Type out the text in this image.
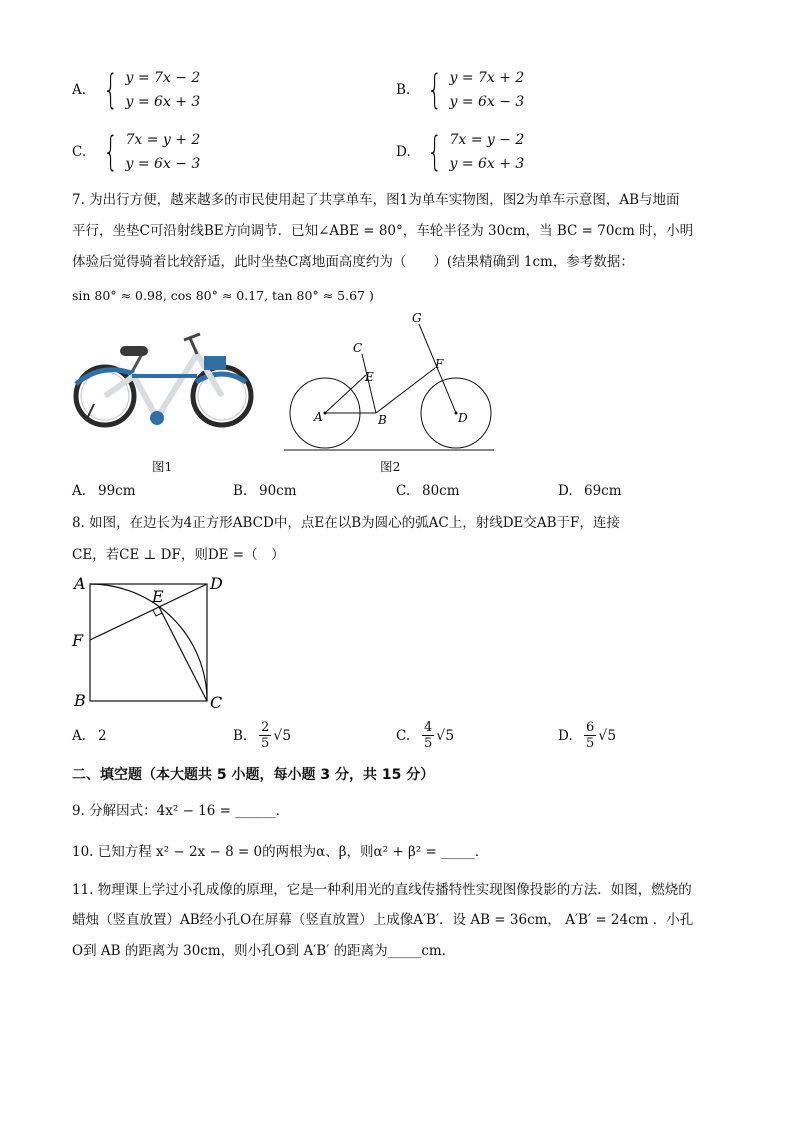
A. { y = 7x − 2
y = 6x + 3
B. { y = 7x + 2
y = 6x − 3
C. { 7x = y + 2
y = 6x − 3
D. { 7x = y − 2
y = 6x + 3
7. 为出行方便，越来越多的市民使用起了共享单车，图1为单车实物图，图2为单车示意图，AB与地面
平行，坐垫C可沿射线BE方向调节．已知∠ABE = 80°，车轮半径为 30cm，当 BC = 70cm 时，小明
体验后觉得骑着比较舒适，此时坐垫C离地面高度约为（　　）(结果精确到 1cm，参考数据：
sin 80° ≈ 0.98, cos 80° ≈ 0.17, tan 80° ≈ 5.67 )
图1
A	B
C
D
E
F
G
图2
A. 99cm	B. 90cm	C. 80cm	D. 69cm
8. 如图，在边长为4正方形ABCD中，点E在以B为圆心的弧AC上，射线DE交AB于F，连接
CE，若CE ⊥ DF，则DE =（　）
A
B	C
D
E
F
A. 2	B. $\frac{2}{5} √5$	C. $\frac{4}{5} √5$	D. $\frac{6}{5} √5$
二、填空题（本大题共 5 小题，每小题 3 分，共 15 分）
9. 分解因式：4x² − 16 = ______．
10. 已知方程 x² − 2x − 8 = 0的两根为α、β，则α² + β² = _____．
11. 物理课上学过小孔成像的原理，它是一种利用光的直线传播特性实现图像投影的方法．如图，燃烧的
蜡烛（竖直放置）AB经小孔O在屏幕（竖直放置）上成像A′B′．设 AB = 36cm， A′B′ = 24cm ．小孔
O到 AB 的距离为 30cm，则小孔O到 A′B′ 的距离为_____cm．
